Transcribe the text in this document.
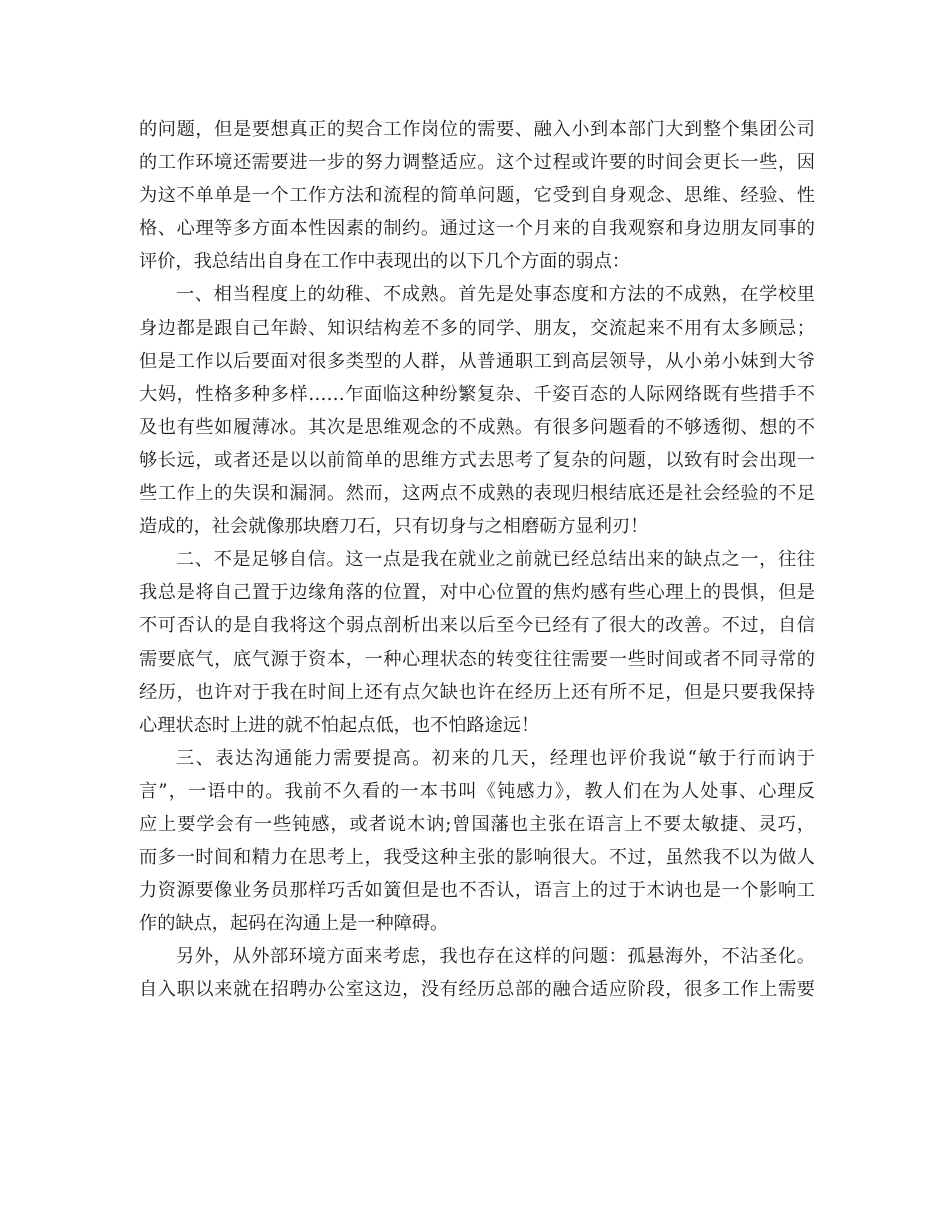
的问题，但是要想真正的契合工作岗位的需要、融入小到本部门大到整个集团公司
的工作环境还需要进一步的努力调整适应。这个过程或许要的时间会更长一些，因
为这不单单是一个工作方法和流程的简单问题，它受到自身观念、思维、经验、性
格、心理等多方面本性因素的制约。通过这一个月来的自我观察和身边朋友同事的
评价，我总结出自身在工作中表现出的以下几个方面的弱点：
一、相当程度上的幼稚、不成熟。首先是处事态度和方法的不成熟，在学校里
身边都是跟自己年龄、知识结构差不多的同学、朋友，交流起来不用有太多顾忌；
但是工作以后要面对很多类型的人群，从普通职工到高层领导，从小弟小妹到大爷
大妈，性格多种多样……乍面临这种纷繁复杂、千姿百态的人际网络既有些措手不
及也有些如履薄冰。其次是思维观念的不成熟。有很多问题看的不够透彻、想的不
够长远，或者还是以以前简单的思维方式去思考了复杂的问题，以致有时会出现一
些工作上的失误和漏洞。然而，这两点不成熟的表现归根结底还是社会经验的不足
造成的，社会就像那块磨刀石，只有切身与之相磨砺方显利刃！
二、不是足够自信。这一点是我在就业之前就已经总结出来的缺点之一，往往
我总是将自己置于边缘角落的位置，对中心位置的焦灼感有些心理上的畏惧，但是
不可否认的是自我将这个弱点剖析出来以后至今已经有了很大的改善。不过，自信
需要底气，底气源于资本，一种心理状态的转变往往需要一些时间或者不同寻常的
经历，也许对于我在时间上还有点欠缺也许在经历上还有所不足，但是只要我保持
心理状态时上进的就不怕起点低，也不怕路途远！
三、表达沟通能力需要提高。初来的几天，经理也评价我说“敏于行而讷于
言”，一语中的。我前不久看的一本书叫《钝感力》，教人们在为人处事、心理反
应上要学会有一些钝感，或者说木讷;曾国藩也主张在语言上不要太敏捷、灵巧，
而多一时间和精力在思考上，我受这种主张的影响很大。不过，虽然我不以为做人
力资源要像业务员那样巧舌如簧但是也不否认，语言上的过于木讷也是一个影响工
作的缺点，起码在沟通上是一种障碍。
另外，从外部环境方面来考虑，我也存在这样的问题：孤悬海外，不沾圣化。
自入职以来就在招聘办公室这边，没有经历总部的融合适应阶段，很多工作上需要
